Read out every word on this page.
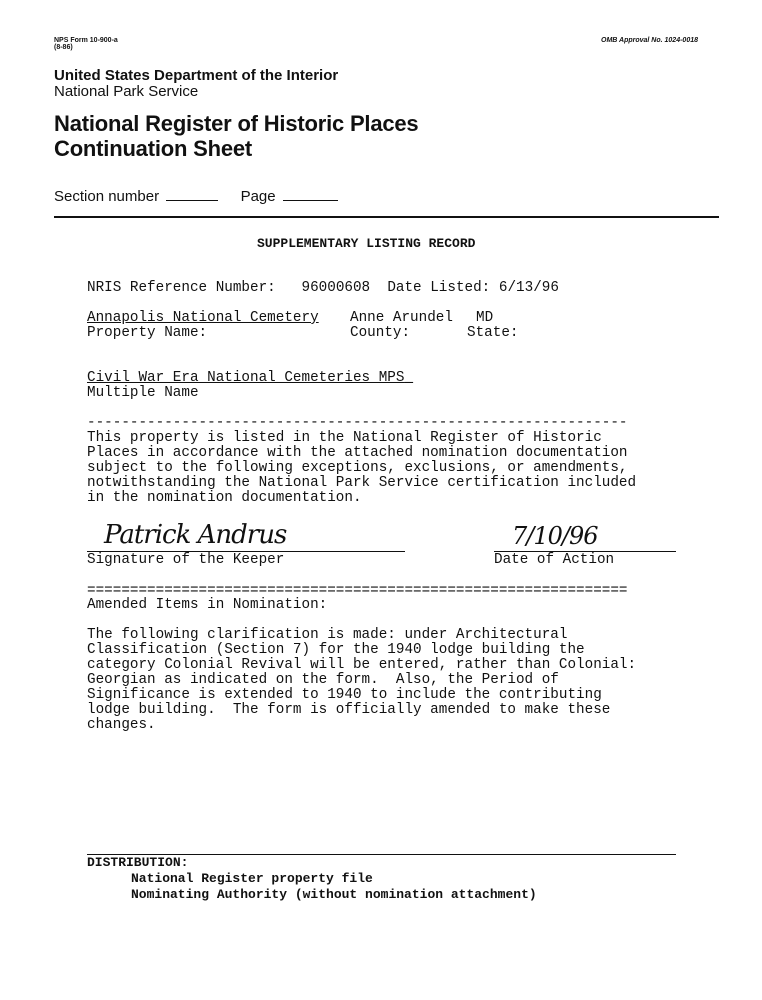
NPS Form 10-900-a
(8-86)
OMB Approval No. 1024-0018
United States Department of the Interior
National Park Service
National Register of Historic Places
Continuation Sheet
Section number	Page
SUPPLEMENTARY LISTING RECORD
NRIS Reference Number: 96000608 Date Listed: 6/13/96
Annapolis National Cemetery Anne Arundel MD
Property Name:	County:	State:
Civil War Era National Cemeteries MPS_
Multiple Name
---------------------------------------------------------------
This property is listed in the National Register of Historic
Places in accordance with the attached nomination documentation
subject to the following exceptions, exclusions, or amendments,
notwithstanding the National Park Service certification included
in the nomination documentation.
Patrick Andrus
Signature of the Keeper
7/10/96
Date of Action
===============================================================
Amended Items in Nomination:
The following clarification is made: under Architectural
Classification (Section 7) for the 1940 lodge building the
category Colonial Revival will be entered, rather than Colonial:
Georgian as indicated on the form.  Also, the Period of
Significance is extended to 1940 to include the contributing
lodge building.  The form is officially amended to make these
changes.
DISTRIBUTION:
National Register property file
Nominating Authority (without nomination attachment)
